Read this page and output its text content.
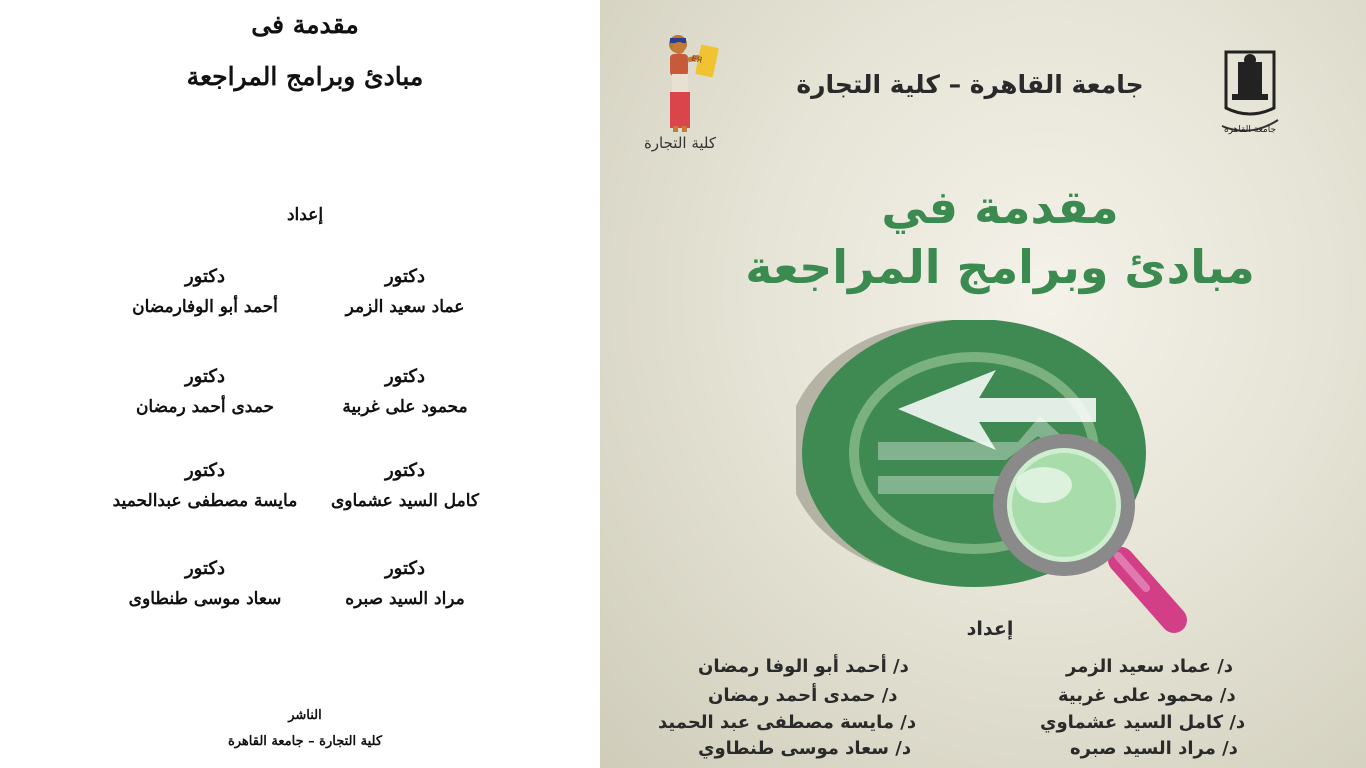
مقدمة فى
مبادئ وبرامج المراجعة
إعداد
دكتور
عماد سعيد الزمر
دكتور
أحمد أبو الوفارمضان
دكتور
محمود على غربية
دكتور
حمدى أحمد رمضان
دكتور
كامل السيد عشماوى
دكتور
مايسة مصطفى عبدالحميد
دكتور
مراد السيد صبره
دكتور
سعاد موسى طنطاوى
الناشر
كلية التجارة – جامعة القاهرة
EЯ
كلية التجارة
جامعة القاهرة – كلية التجارة
جامعة القاهرة
مقدمة في
مبادئ وبرامج المراجعة
إعداد
د/ عماد سعيد الزمر
د/ أحمد أبو الوفا رمضان
د/ محمود على غربية
د/ حمدى أحمد رمضان
د/ كامل السيد عشماوي
د/ مايسة مصطفى عبد الحميد
د/ مراد السيد صبره
د/ سعاد موسى طنطاوي
